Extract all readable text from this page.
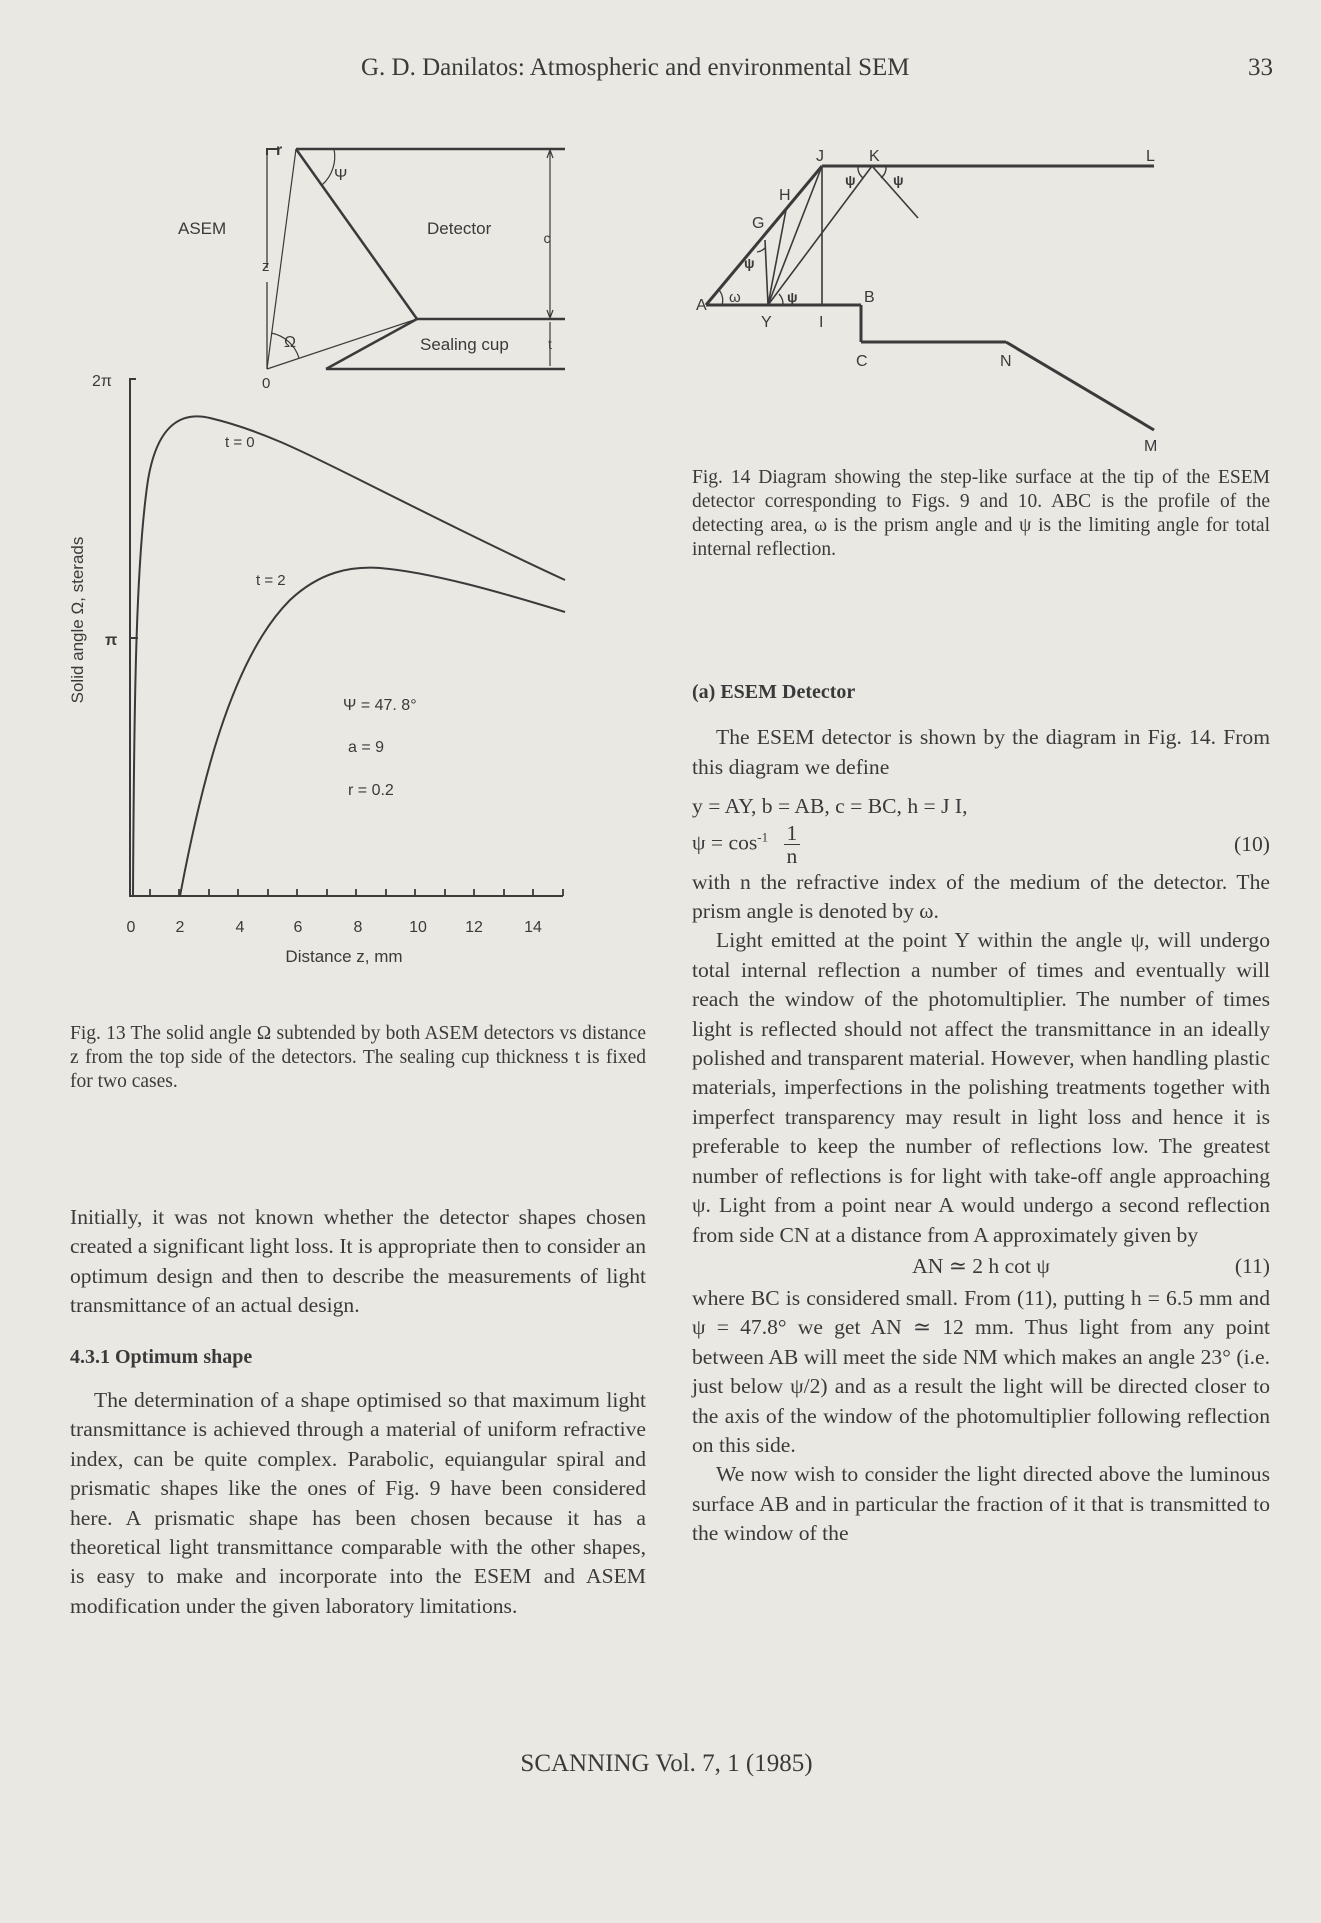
G. D. Danilatos: Atmospheric and environmental SEM	33
ASEM	Detector
Sealing cup
r
Ψ
z
Ω
0
c
t
2π
π
0	2	4	6	8	10 12	14
Distance z, mm
Solid angle Ω, sterads
t = 0
t = 2
Ψ = 47. 8°
a = 9
r = 0.2
Fig. 13 The solid angle Ω subtended by both ASEM detectors vs distance z from the top side of the detectors. The sealing cup thickness t is fixed for two cases.
A	B
C
G
H
I
J	K	L
M
N
Y
ω
ψ
ψ
ψ	ψ
Fig. 14 Diagram showing the step-like surface at the tip of the ESEM detector corresponding to Figs. 9 and 10. ABC is the profile of the detecting area, ω is the prism angle and ψ is the limiting angle for total internal reflection.

Initially, it was not known whether the detector shapes chosen created a significant light loss. It is appropriate then to consider an optimum design and then to describe the measurements of light transmittance of an actual design.

4.3.1 Optimum shape

The determination of a shape optimised so that maximum light transmittance is achieved through a material of uniform refractive index, can be quite complex. Parabolic, equiangular spiral and prismatic shapes like the ones of Fig. 9 have been considered here. A prismatic shape has been chosen because it has a theoretical light transmittance comparable with the other shapes, is easy to make and incorporate into the ESEM and ASEM modification under the given laboratory limitations.

(a) ESEM Detector

The ESEM detector is shown by the diagram in Fig. 14. From this diagram we define

y = AY, b = AB, c = BC, h = J I,
$\psi = \cos^{-1} \frac{1}{n}$	(10)

with n the refractive index of the medium of the detector. The prism angle is denoted by ω.

Light emitted at the point Y within the angle ψ, will undergo total internal reflection a number of times and eventually will reach the window of the photomultiplier. The number of times light is reflected should not affect the transmittance in an ideally polished and transparent material. However, when handling plastic materials, imperfections in the polishing treatments together with imperfect transparency may result in light loss and hence it is preferable to keep the number of reflections low. The greatest number of reflections is for light with take-off angle approaching ψ. Light from a point near A would undergo a second reflection from side CN at a distance from A approximately given by

AN ≃ 2 h cot ψ	(11)

where BC is considered small. From (11), putting h = 6.5 mm and ψ = 47.8° we get AN ≃ 12 mm. Thus light from any point between AB will meet the side NM which makes an angle 23° (i.e. just below ψ/2) and as a result the light will be directed closer to the axis of the window of the photomultiplier following reflection on this side.

We now wish to consider the light directed above the luminous surface AB and in particular the fraction of it that is transmitted to the window of the

SCANNING Vol. 7, 1 (1985)
